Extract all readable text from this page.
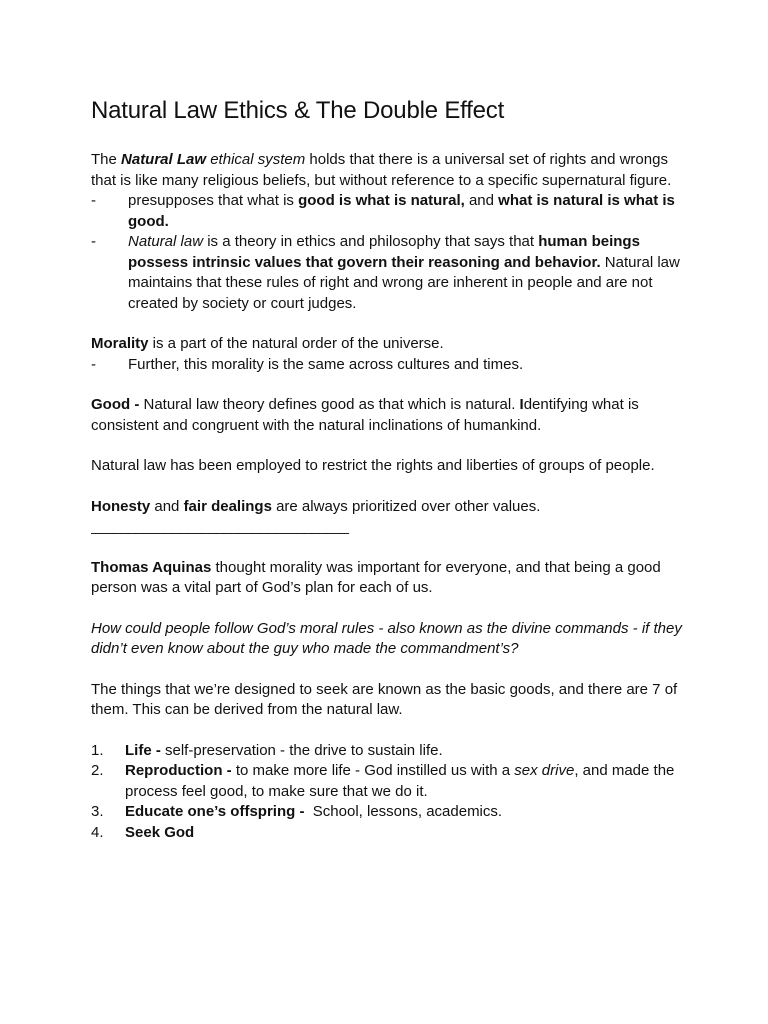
Natural Law Ethics & The Double Effect

The Natural Law ethical system holds that there is a universal set of rights and wrongs that is like many religious beliefs, but without reference to a specific supernatural figure.

- presupposes that what is good is what is natural, and what is natural is what is good.
- Natural law is a theory in ethics and philosophy that says that human beings possess intrinsic values that govern their reasoning and behavior. Natural law maintains that these rules of right and wrong are inherent in people and are not created by society or court judges.

Morality is a part of the natural order of the universe.

- Further, this morality is the same across cultures and times.

Good - Natural law theory defines good as that which is natural. Identifying what is consistent and congruent with the natural inclinations of humankind.

Natural law has been employed to restrict the rights and liberties of groups of people.

Honesty and fair dealings are always prioritized over other values.

___________________________________

Thomas Aquinas thought morality was important for everyone, and that being a good person was a vital part of God’s plan for each of us.

How could people follow God’s moral rules - also known as the divine commands - if they didn’t even know about the guy who made the commandment’s?

The things that we’re designed to seek are known as the basic goods, and there are 7 of them. This can be derived from the natural law.

1. Life - self-preservation - the drive to sustain life.
2. Reproduction - to make more life - God instilled us with a sex drive, and made the process feel good, to make sure that we do it.
3. Educate one’s offspring -  School, lessons, academics.
4. Seek God
